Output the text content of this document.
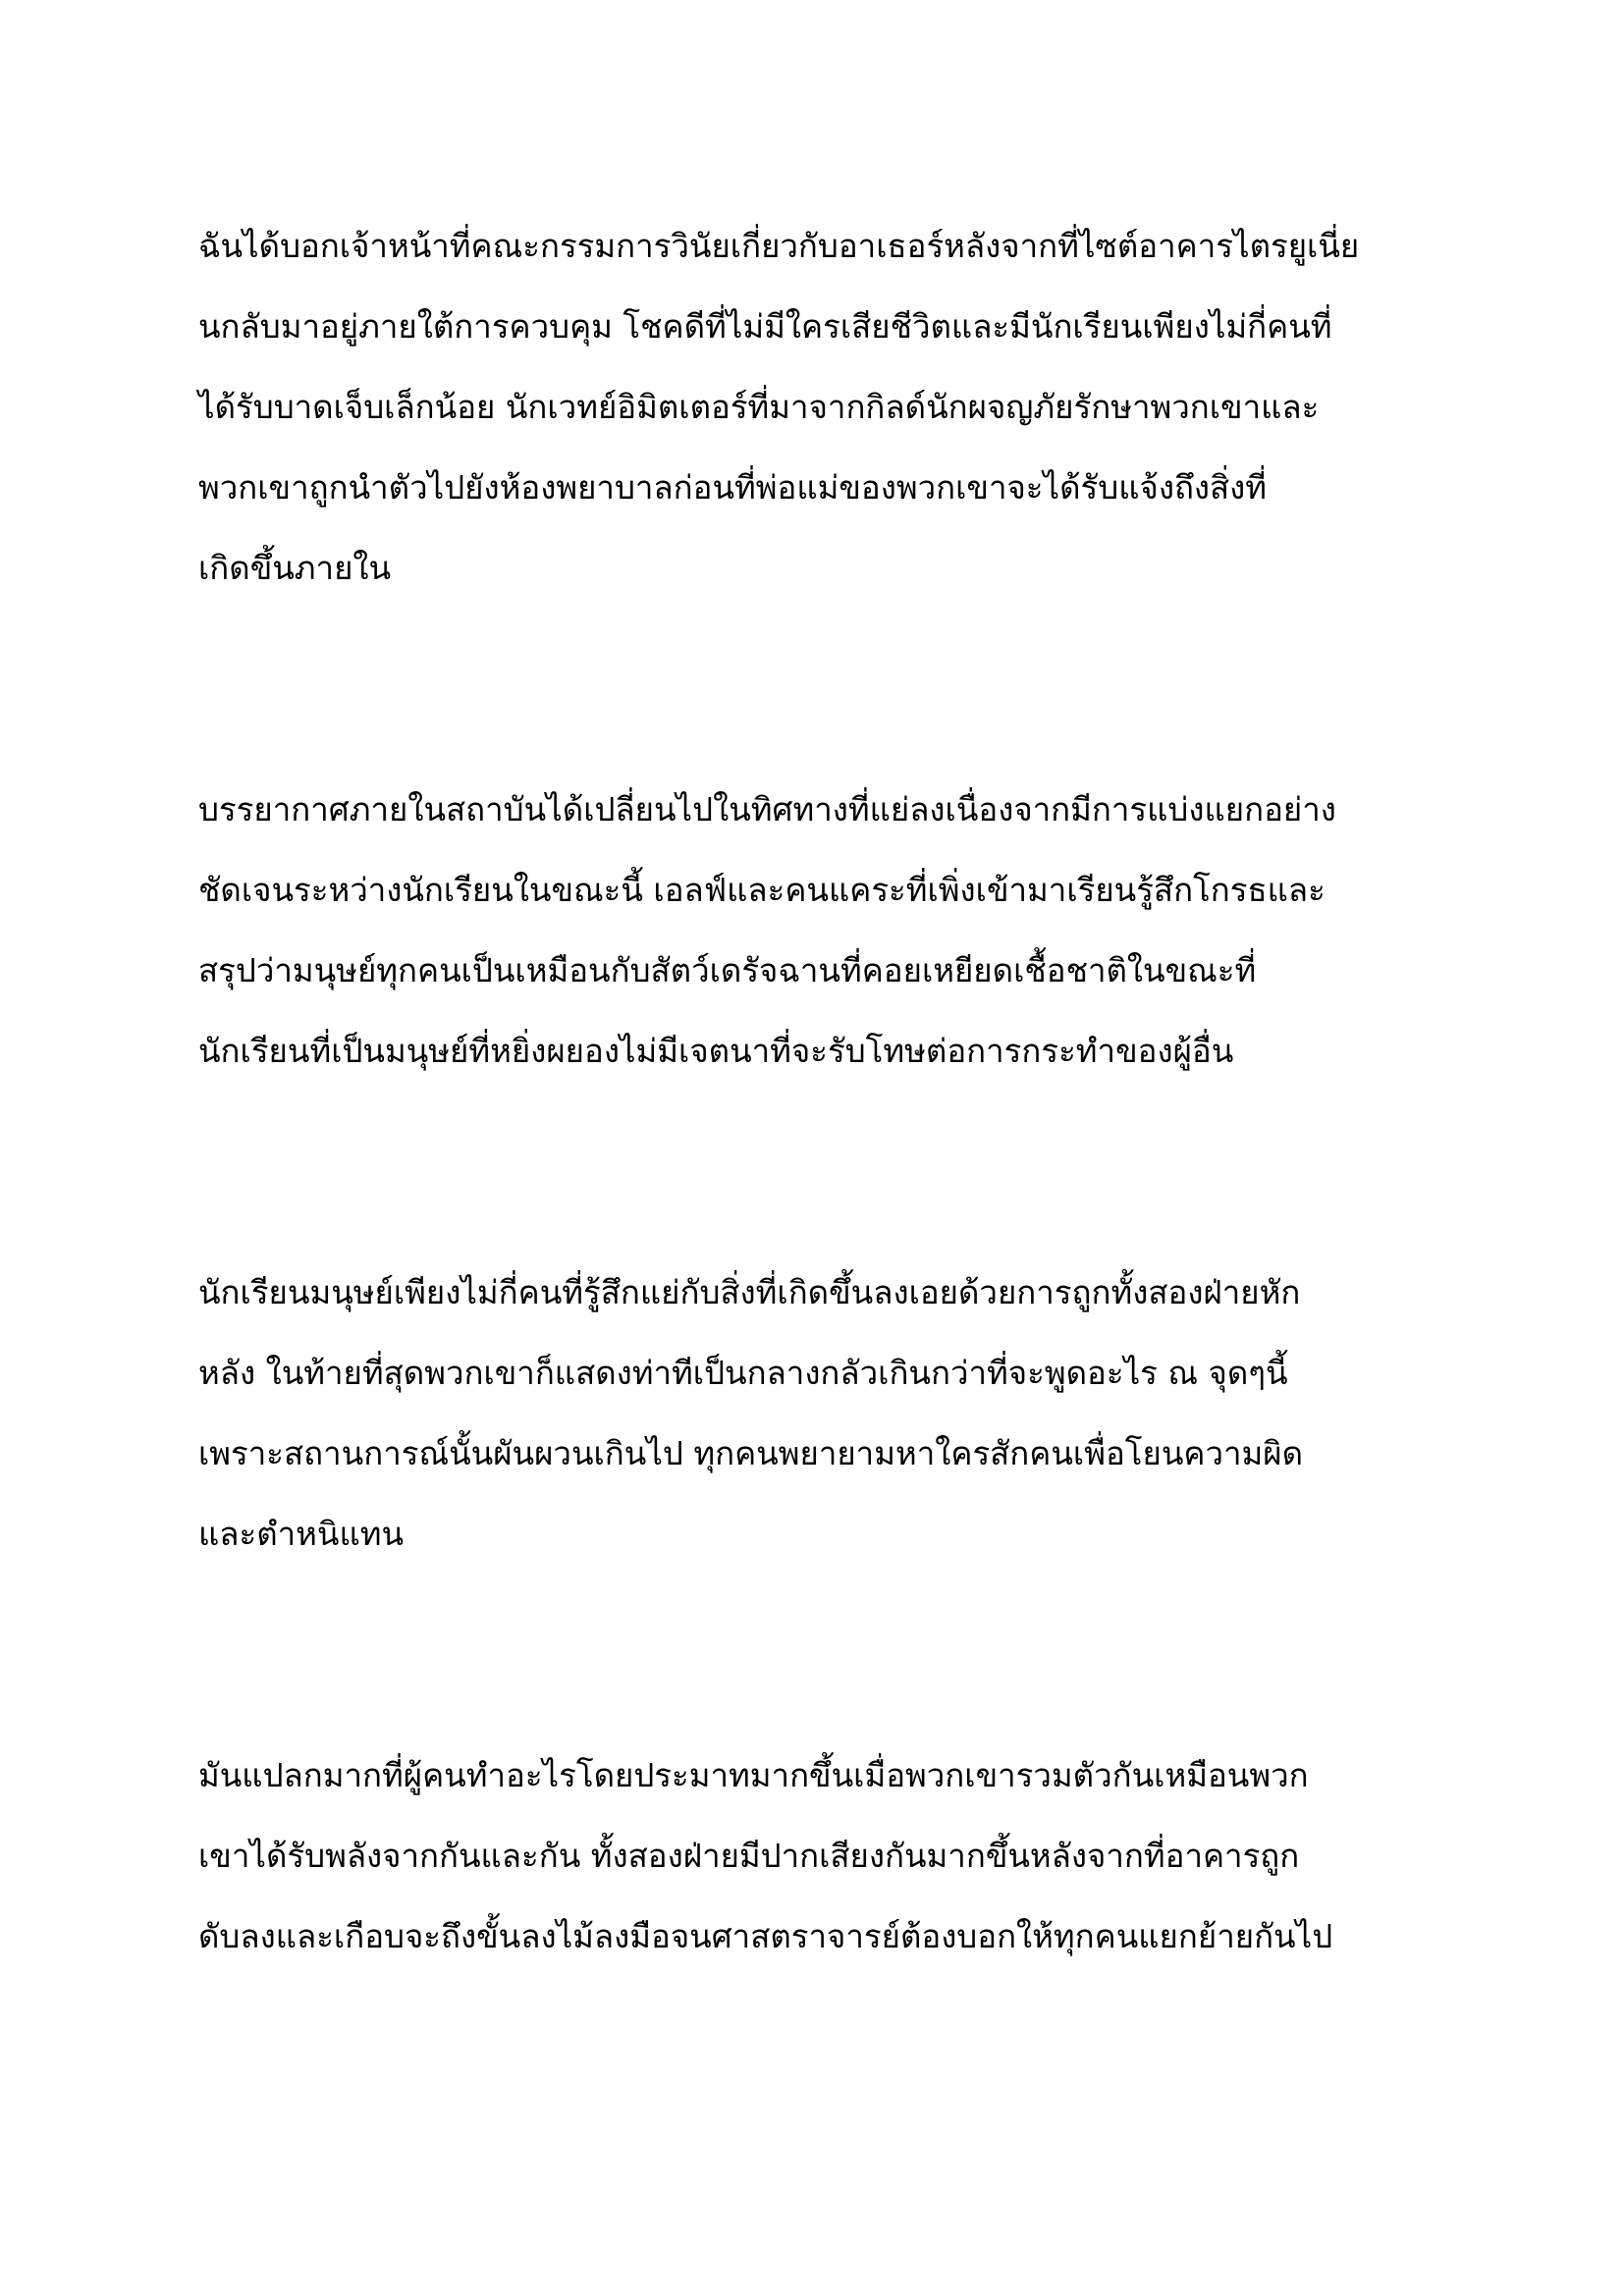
ฉันได้บอกเจ้าหน้าที่คณะกรรมการวินัยเกี่ยวกับอาเธอร์หลังจากที่ไซต์อาคารไตรยูเนี่ย
นกลับมาอยู่ภายใต้การควบคุม โชคดีที่ไม่มีใครเสียชีวิตและมีนักเรียนเพียงไม่กี่คนที่
ได้รับบาดเจ็บเล็กน้อย นักเวทย์อิมิตเตอร์ที่มาจากกิลด์นักผจญภัยรักษาพวกเขาและ
พวกเขาถูกนำตัวไปยังห้องพยาบาลก่อนที่พ่อแม่ของพวกเขาจะได้รับแจ้งถึงสิ่งที่
เกิดขึ้นภายใน
บรรยากาศภายในสถาบันได้เปลี่ยนไปในทิศทางที่แย่ลงเนื่องจากมีการแบ่งแยกอย่าง
ชัดเจนระหว่างนักเรียนในขณะนี้ เอลฟ์และคนแคระที่เพิ่งเข้ามาเรียนรู้สึกโกรธและ
สรุปว่ามนุษย์ทุกคนเป็นเหมือนกับสัตว์เดรัจฉานที่คอยเหยียดเชื้อชาติในขณะที่
นักเรียนที่เป็นมนุษย์ที่หยิ่งผยองไม่มีเจตนาที่จะรับโทษต่อการกระทำของผู้อื่น
นักเรียนมนุษย์เพียงไม่กี่คนที่รู้สึกแย่กับสิ่งที่เกิดขึ้นลงเอยด้วยการถูกทั้งสองฝ่ายหัก
หลัง ในท้ายที่สุดพวกเขาก็แสดงท่าทีเป็นกลางกลัวเกินกว่าที่จะพูดอะไร ณ จุดๆนี้
เพราะสถานการณ์นั้นผันผวนเกินไป ทุกคนพยายามหาใครสักคนเพื่อโยนความผิด
และตำหนิแทน
มันแปลกมากที่ผู้คนทำอะไรโดยประมาทมากขึ้นเมื่อพวกเขารวมตัวกันเหมือนพวก
เขาได้รับพลังจากกันและกัน ทั้งสองฝ่ายมีปากเสียงกันมากขึ้นหลังจากที่อาคารถูก
ดับลงและเกือบจะถึงขั้นลงไม้ลงมือจนศาสตราจารย์ต้องบอกให้ทุกคนแยกย้ายกันไป
